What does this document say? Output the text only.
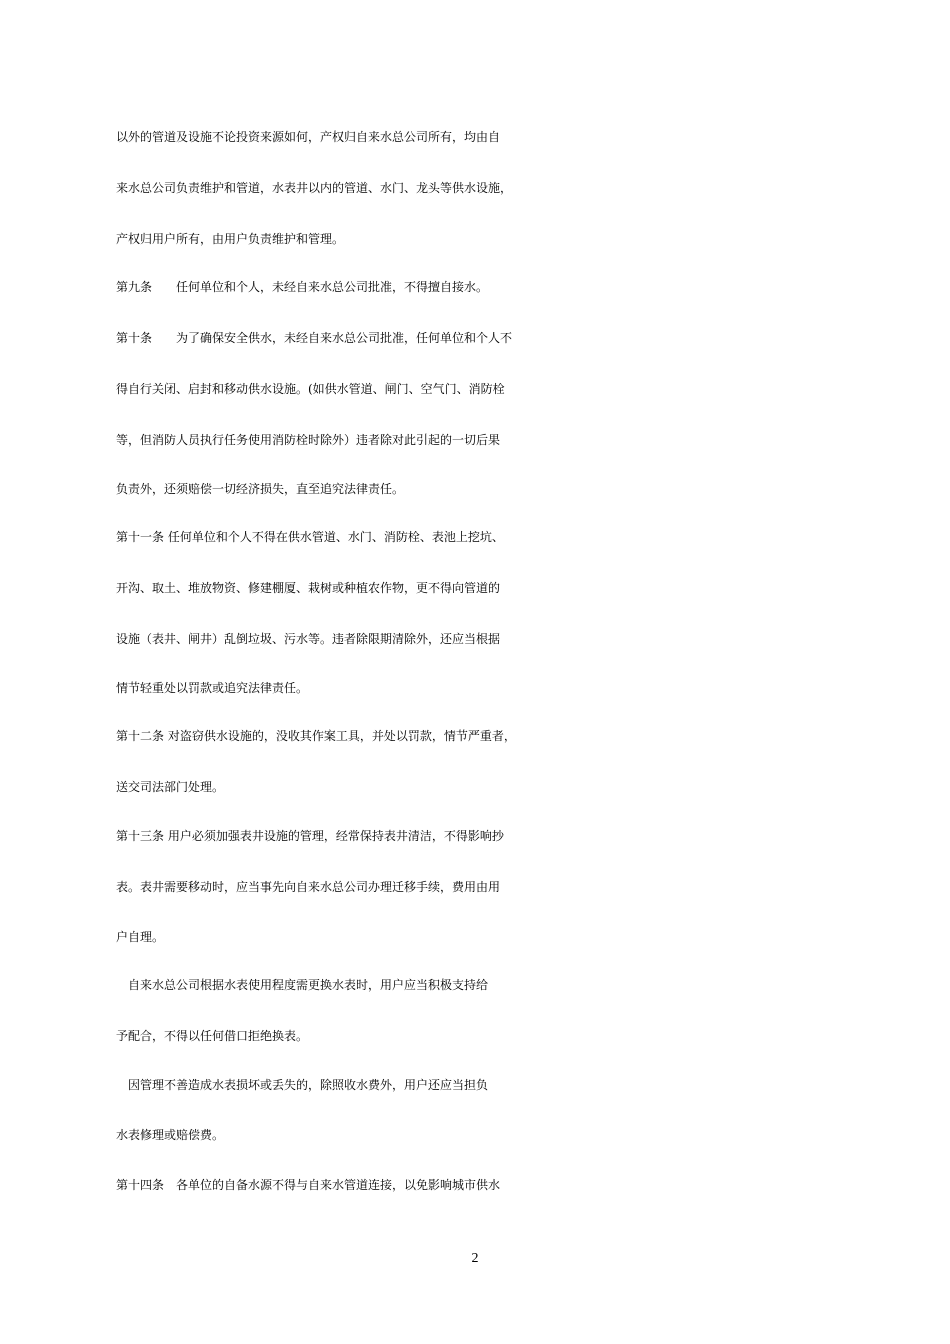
以外的管道及设施不论投资来源如何，产权归自来水总公司所有，均由自
来水总公司负责维护和管道，水表井以内的管道、水门、龙头等供水设施，
产权归用户所有，由用户负责维护和管理。
第九条　　任何单位和个人，未经自来水总公司批准，不得擅自接水。
第十条　　为了确保安全供水，未经自来水总公司批准，任何单位和个人不
得自行关闭、启封和移动供水设施。(如供水管道、闸门、空气门、消防栓
等，但消防人员执行任务使用消防栓时除外）违者除对此引起的一切后果
负责外，还须赔偿一切经济损失，直至追究法律责任。
第十一条 任何单位和个人不得在供水管道、水门、消防栓、表池上挖坑、
开沟、取土、堆放物资、修建棚厦、栽树或种植农作物，更不得向管道的
设施（表井、闸井）乱倒垃圾、污水等。违者除限期清除外，还应当根据
情节轻重处以罚款或追究法律责任。
第十二条 对盗窃供水设施的，没收其作案工具，并处以罚款，情节严重者，
送交司法部门处理。
第十三条 用户必须加强表井设施的管理，经常保持表井清洁，不得影响抄
表。表井需要移动时，应当事先向自来水总公司办理迁移手续，费用由用
户自理。
　自来水总公司根据水表使用程度需更换水表时，用户应当积极支持给
予配合，不得以任何借口拒绝换表。
　因管理不善造成水表损坏或丢失的，除照收水费外，用户还应当担负
水表修理或赔偿费。
第十四条　各单位的自备水源不得与自来水管道连接，以免影响城市供水
2
